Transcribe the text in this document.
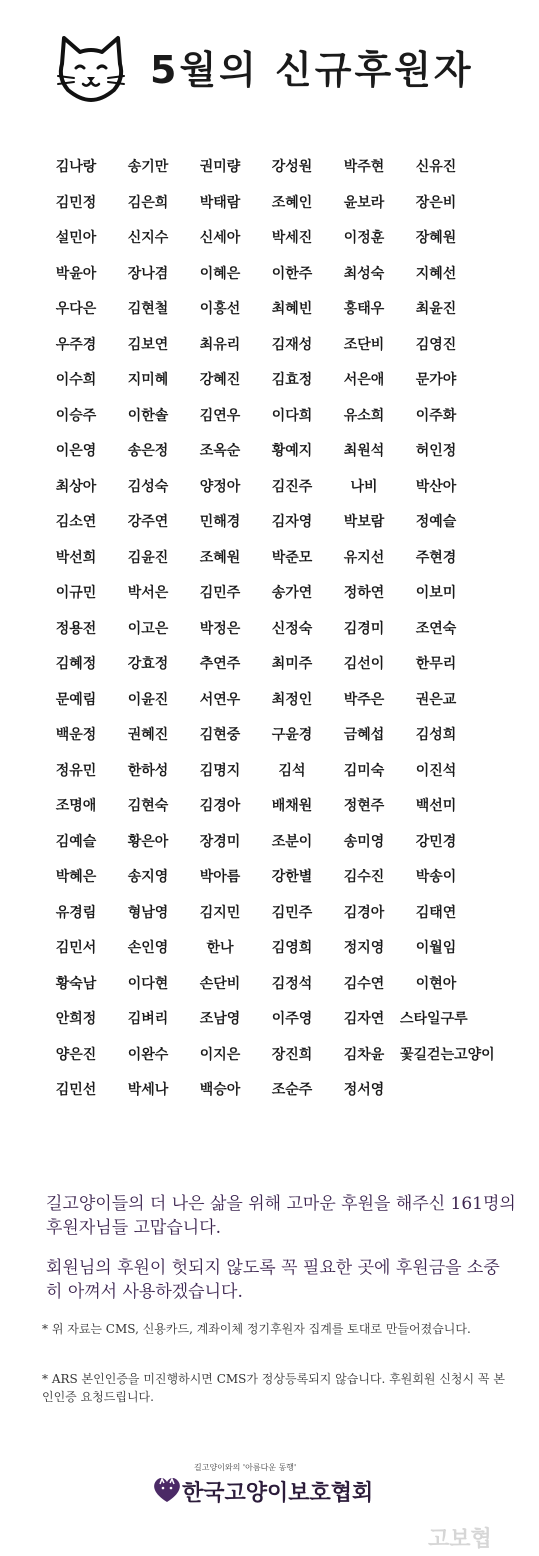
5월의 신규후원자
김나랑	송기만	권미량	강성원	박주현	신유진
김민정	김은희	박태람	조혜인	윤보라	장은비
설민아	신지수	신세아	박세진	이정훈	장혜원
박윤아	장나겸	이혜은	이한주	최성숙	지혜선
우다은	김현철	이홍선	최혜빈	홍태우	최윤진
우주경	김보연	최유리	김재성	조단비	김영진
이수희	지미혜	강혜진	김효정	서은애	문가야
이승주	이한솔	김연우	이다희	유소희	이주화
이은영	송은정	조옥순	황예지	최원석	허인정
최상아	김성숙	양정아	김진주	나비	박산아
김소연	강주연	민해경	김자영	박보람	정예슬
박선희	김윤진	조혜원	박준모	유지선	주현경
이규민	박서은	김민주	송가연	정하연	이보미
정용전	이고은	박정은	신정숙	김경미	조연숙
김혜정	강효정	추연주	최미주	김선이	한무리
문예림	이윤진	서연우	최정인	박주은	권은교
백운정	권혜진	김현중	구윤경	금혜섭	김성희
정유민	한하성	김명지	김석	김미숙	이진석
조명애	김현숙	김경아	배채원	정현주	백선미
김예슬	황은아	장경미	조분이	송미영	강민경
박혜은	송지영	박아름	강한별	김수진	박송이
유경림	형남영	김지민	김민주	김경아	김태연
김민서	손인영	한나	김영희	정지영	이월임
황숙남	이다현	손단비	김정석	김수연	이현아
안희정	김벼리	조남영	이주영	김자연	스타일구루
양은진	이완수	이지은	장진희	김차윤	꽃길걷는고양이
김민선	박세나	백승아	조순주	정서영

길고양이들의 더 나은 삶을 위해 고마운 후원을 해주신 161명의 후원자님들 고맙습니다.

회원님의 후원이 헛되지 않도록 꼭 필요한 곳에 후원금을 소중히 아껴서 사용하겠습니다.

* 위 자료는 CMS, 신용카드, 계좌이체 정기후원자 집계를 토대로 만들어졌습니다.

* ARS 본인인증을 미진행하시면 CMS가 정상등록되지 않습니다. 후원회원 신청시 꼭 본인인증 요청드립니다.

길고양이와의 '아름다운 동행'
한국고양이보호협회
고보협
